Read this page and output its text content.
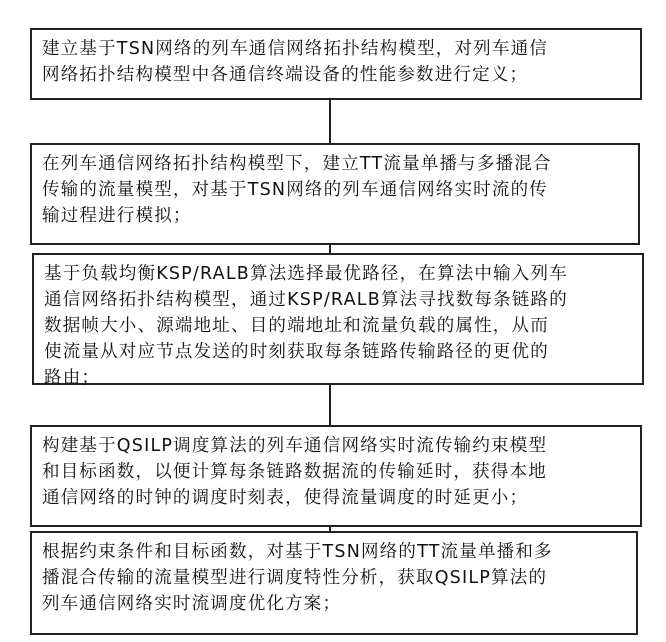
建立基于TSN网络的列车通信网络拓扑结构模型，对列车通信
网络拓扑结构模型中各通信终端设备的性能参数进行定义；
在列车通信网络拓扑结构模型下，建立TT流量单播与多播混合
传输的流量模型，对基于TSN网络的列车通信网络实时流的传
输过程进行模拟；
基于负载均衡KSP/RALB算法选择最优路径，在算法中输入列车
通信网络拓扑结构模型，通过KSP/RALB算法寻找数每条链路的
数据帧大小、源端地址、目的端地址和流量负载的属性，从而
使流量从对应节点发送的时刻获取每条链路传输路径的更优的
路由；
构建基于QSILP调度算法的列车通信网络实时流传输约束模型
和目标函数，以便计算每条链路数据流的传输延时，获得本地
通信网络的时钟的调度时刻表，使得流量调度的时延更小；
根据约束条件和目标函数，对基于TSN网络的TT流量单播和多
播混合传输的流量模型进行调度特性分析，获取QSILP算法的
列车通信网络实时流调度优化方案；
